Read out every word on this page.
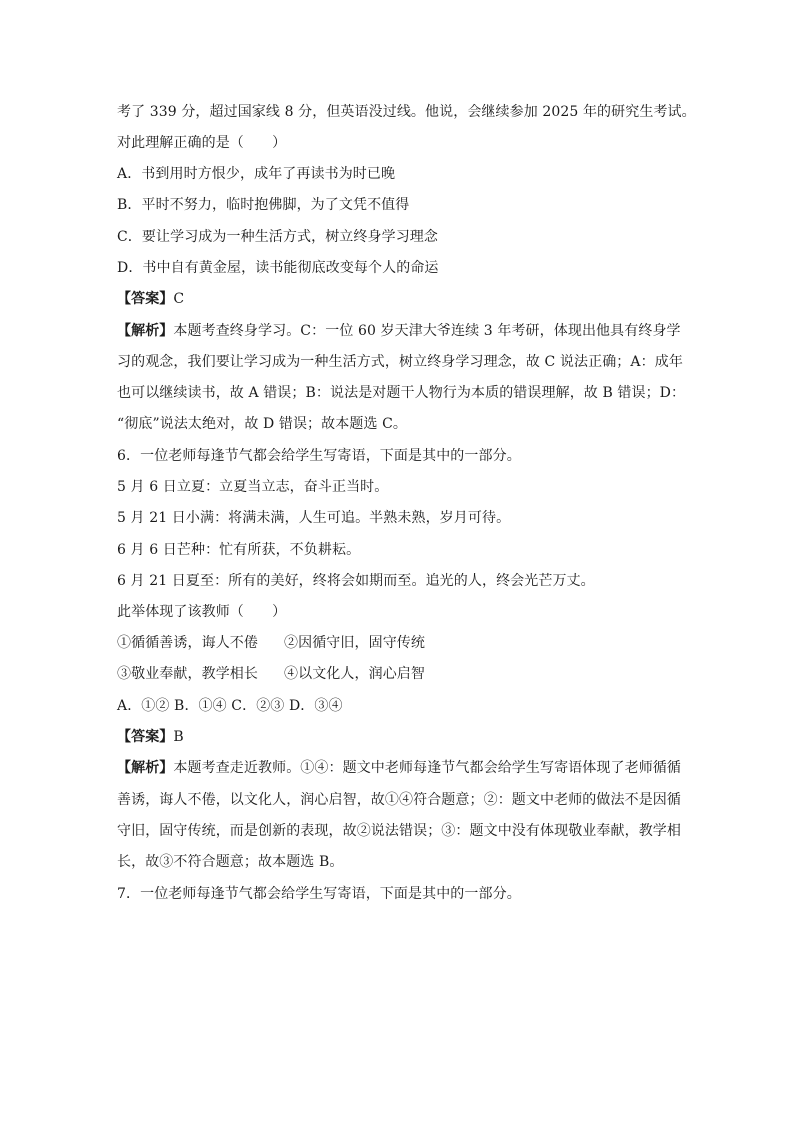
考了 339 分，超过国家线 8 分，但英语没过线。他说，会继续参加 2025 年的研究生考试。
对此理解正确的是（　　）
A．书到用时方恨少，成年了再读书为时已晚
B．平时不努力，临时抱佛脚，为了文凭不值得
C．要让学习成为一种生活方式，树立终身学习理念
D．书中自有黄金屋，读书能彻底改变每个人的命运
【答案】C
【解析】本题考查终身学习。C：一位 60 岁天津大爷连续 3 年考研，体现出他具有终身学
习的观念，我们要让学习成为一种生活方式，树立终身学习理念，故 C 说法正确；A：成年
也可以继续读书，故 A 错误；B：说法是对题干人物行为本质的错误理解，故 B 错误；D：
“彻底”说法太绝对，故 D 错误；故本题选 C。
6．一位老师每逢节气都会给学生写寄语，下面是其中的一部分。
5 月 6 日立夏：立夏当立志，奋斗正当时。
5 月 21 日小满：将满未满，人生可追。半熟未熟，岁月可待。
6 月 6 日芒种：忙有所获，不负耕耘。
6 月 21 日夏至：所有的美好，终将会如期而至。追光的人，终会光芒万丈。
此举体现了该教师（　　）
①循循善诱，诲人不倦 ②因循守旧，固守传统
③敬业奉献，教学相长 ④以文化人，润心启智
A．①② B．①④ C．②③ D．③④
【答案】B
【解析】本题考查走近教师。①④：题文中老师每逢节气都会给学生写寄语体现了老师循循
善诱，诲人不倦，以文化人，润心启智，故①④符合题意；②：题文中老师的做法不是因循
守旧，固守传统，而是创新的表现，故②说法错误；③：题文中没有体现敬业奉献，教学相
长，故③不符合题意；故本题选 B。
7．一位老师每逢节气都会给学生写寄语，下面是其中的一部分。
